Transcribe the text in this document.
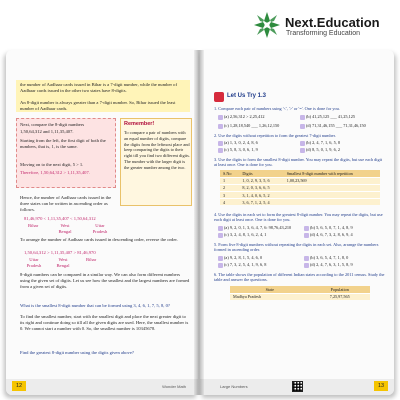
Next.Education
Transforming Education
the number of Aadhaar cards issued in Bihar is a 7-digit number, while the number of Aadhaar cards issued in the other two states have 8-digits.
An 8-digit number is always greater than a 7-digit number. So, Bihar issued the least number of Aadhaar cards.
Next, compare the 8-digit numbers
1,50,64,312 and 1,11,35,407.
Starting from the left, the first digit of both the numbers, that is, 1, is the same.
Moving on to the next digit, 5 > 1.
Therefore, 1,50,64,312 > 1,11,35,407.
Remember!
To compare a pair of numbers with an equal number of digits, compare the digits from the leftmost place and keep comparing the digits to their right till you find two different digits. The number with the larger digit is the greater number among the two.
Hence, the number of Aadhaar cards issued in the three states can be written in ascending order as follows.
81,46,970 < 1,11,35,407 < 1,50,64,312
Bihar	West Bengal
Uttar Pradesh
To arrange the number of Aadhaar cards issued in descending order, reverse the order.
1,50,64,312 > 1,11,35,407 > 81,46,970
Uttar Pradesh
West Bengal
Bihar
8-digit numbers can be compared in a similar way. We can also form different numbers using the given set of digits. Let us see how the smallest and the largest numbers are formed from a given set of digits.
What is the smallest 8-digit number that can be formed using 3, 4, 6, 1, 7, 5, 8, 0?
To find the smallest number, start with the smallest digit and place the next greater digit to its right and continue doing so till all the given digits are used. Here, the smallest number is 0. We cannot start a number with 0. So, the smallest number is 10345678.
Find the greatest 8-digit number using the digits given above?
12	Wonder Math
Let Us Try 1.3
1. Compare each pair of numbers using '<', '>' or '='. One is done for you.
(a) 2,56,312 > 2,25,412	(b) 41,25,125 ___ 41,25,125
(c) 1,28,18,540 ___ 1,26,12,150	(d) 71,31,46,155 ___ 71,31,46,150
2. Use the digits without repetition to form the greatest 7-digit number.
(a) 1, 3, 0, 2, 4, 8, 6	(b) 2, 4, 7, 1, 6, 5, 8
(c) 5, 8, 3, 0, 6, 1, 9	(d) 8, 5, 0, 1, 9, 6, 2
3. Use the digits to form the smallest 8-digit number. You may repeat the digits, but use each digit at least once. One is done for you.
S.No	Digits	Smallest 8-digit number with repetition
1	1, 0, 2, 9, 3, 5, 6	1,00,23,569
2	8, 2, 0, 3, 6, 6, 5	
3	3, 1, 4, 0, 6, 5, 2	
4	3, 6, 7, 1, 2, 5, 4	
4. Use the digits in each set to form the greatest 8-digit number. You may repeat the digits, but use each digit at least once. One is done for you.
(a) 9, 2, 0, 1, 3, 6, 4, 7, 6: 98,76,43,210	(b) 5, 6, 5, 0, 7, 1, 4, 8, 9
(c) 3, 2, 4, 8, 1, 6, 2, 4, 1	(d) 4, 6, 7, 3, 2, 8, 6, 9, 4
5. Form five 8-digit numbers without repeating the digits in each set. Also, arrange the numbers formed in ascending order.
(a) 9, 2, 8, 1, 5, 4, 6, 0	(b) 3, 6, 5, 4, 7, 1, 8, 0
(c) 7, 3, 2, 5, 4, 1, 9, 6, 8	(d) 2, 4, 7, 6, 3, 1, 5, 8, 9
6. The table shows the population of different Indian states according to the 2011 census. Study the table and answer the questions.
State	Population
Madhya Pradesh	7,25,97,565
Large Numbers	13
